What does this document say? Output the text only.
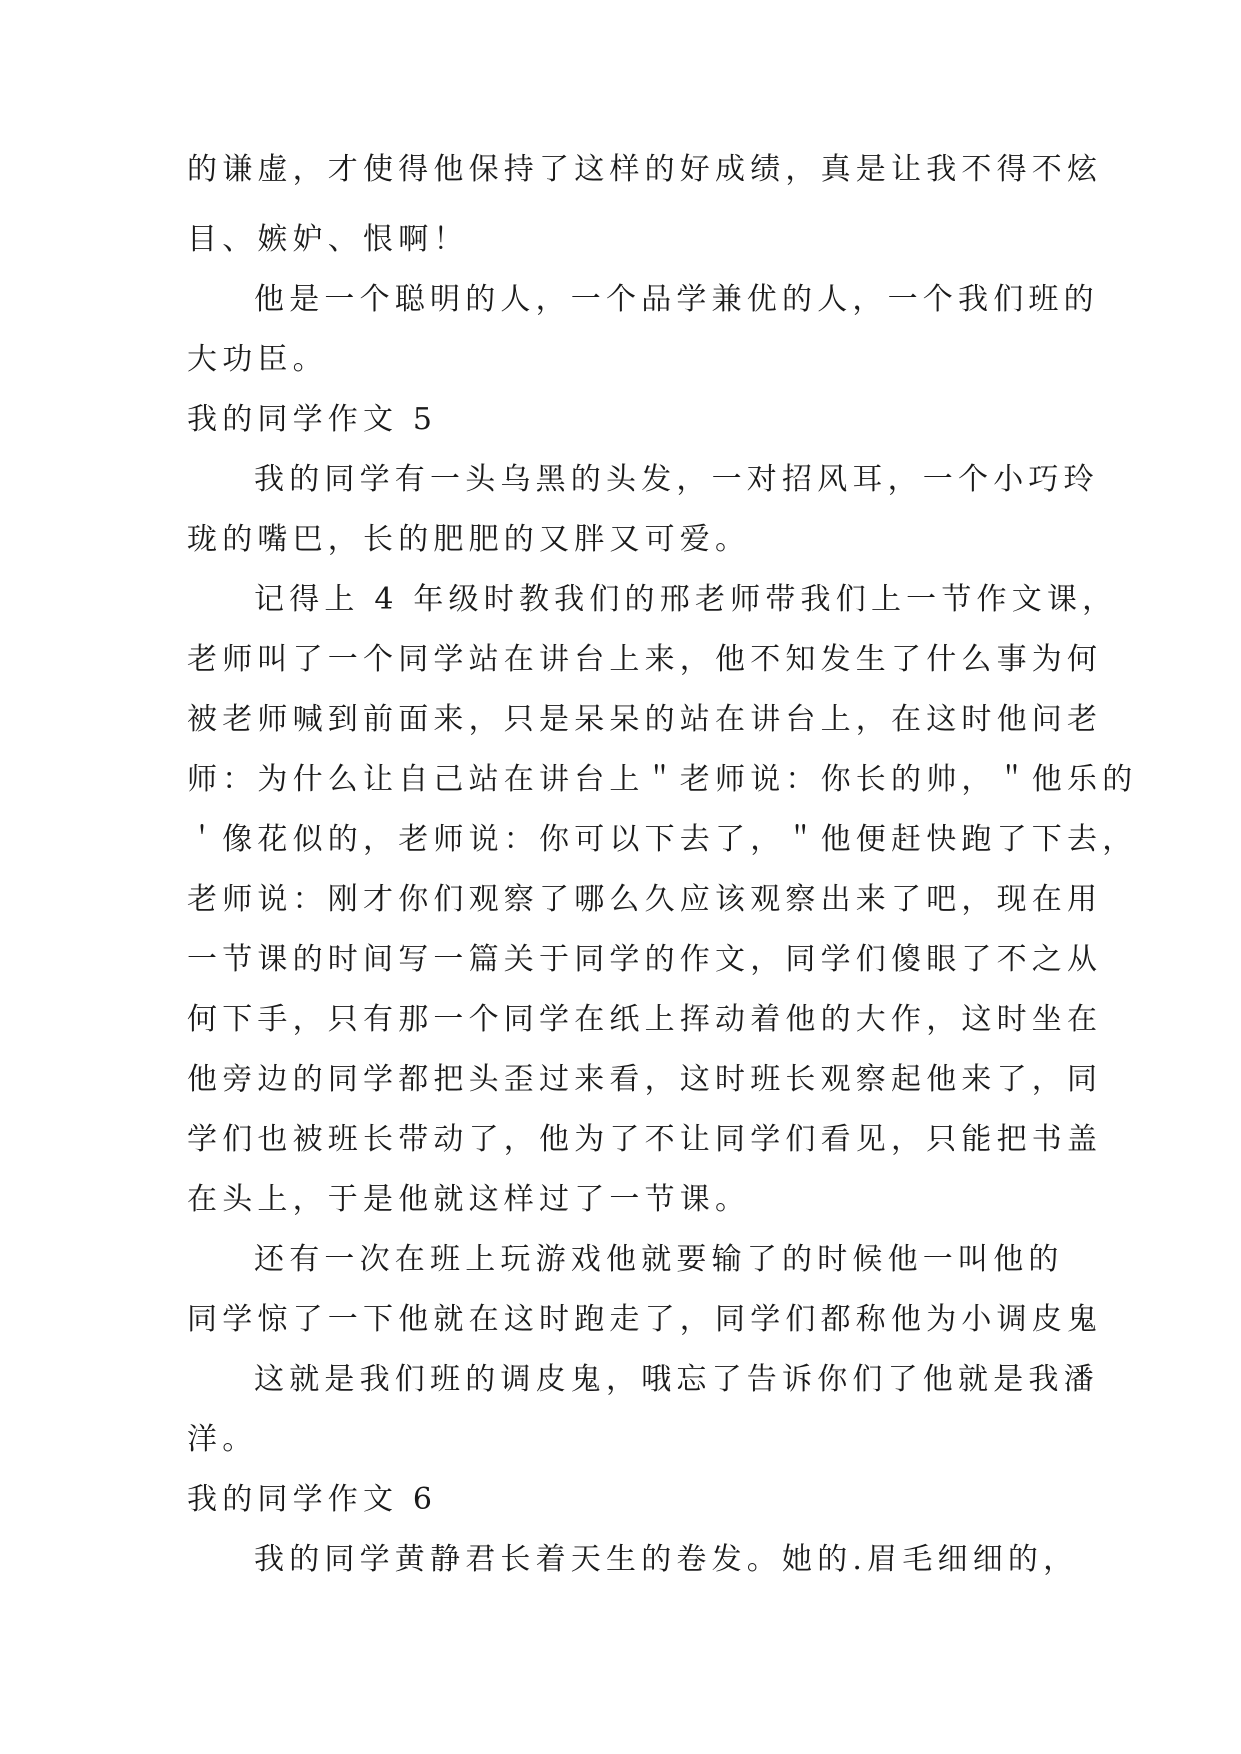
的谦虚，才使得他保持了这样的好成绩，真是让我不得不炫
目、嫉妒、恨啊！
他是一个聪明的人，一个品学兼优的人，一个我们班的
大功臣。
我的同学作文 5
我的同学有一头乌黑的头发，一对招风耳，一个小巧玲
珑的嘴巴，长的肥肥的又胖又可爱。
记得上 4 年级时教我们的邢老师带我们上一节作文课，
老师叫了一个同学站在讲台上来，他不知发生了什么事为何
被老师喊到前面来，只是呆呆的站在讲台上，在这时他问老
师：为什么让自己站在讲台上＂老师说：你长的帅，＂他乐的
＇像花似的，老师说：你可以下去了，＂他便赶快跑了下去，
老师说：刚才你们观察了哪么久应该观察出来了吧，现在用
一节课的时间写一篇关于同学的作文，同学们傻眼了不之从
何下手，只有那一个同学在纸上挥动着他的大作，这时坐在
他旁边的同学都把头歪过来看，这时班长观察起他来了，同
学们也被班长带动了，他为了不让同学们看见，只能把书盖
在头上，于是他就这样过了一节课。
还有一次在班上玩游戏他就要输了的时候他一叫他的
同学惊了一下他就在这时跑走了，同学们都称他为小调皮鬼
这就是我们班的调皮鬼，哦忘了告诉你们了他就是我潘
洋。
我的同学作文 6
我的同学黄静君长着天生的卷发。她的.眉毛细细的，
